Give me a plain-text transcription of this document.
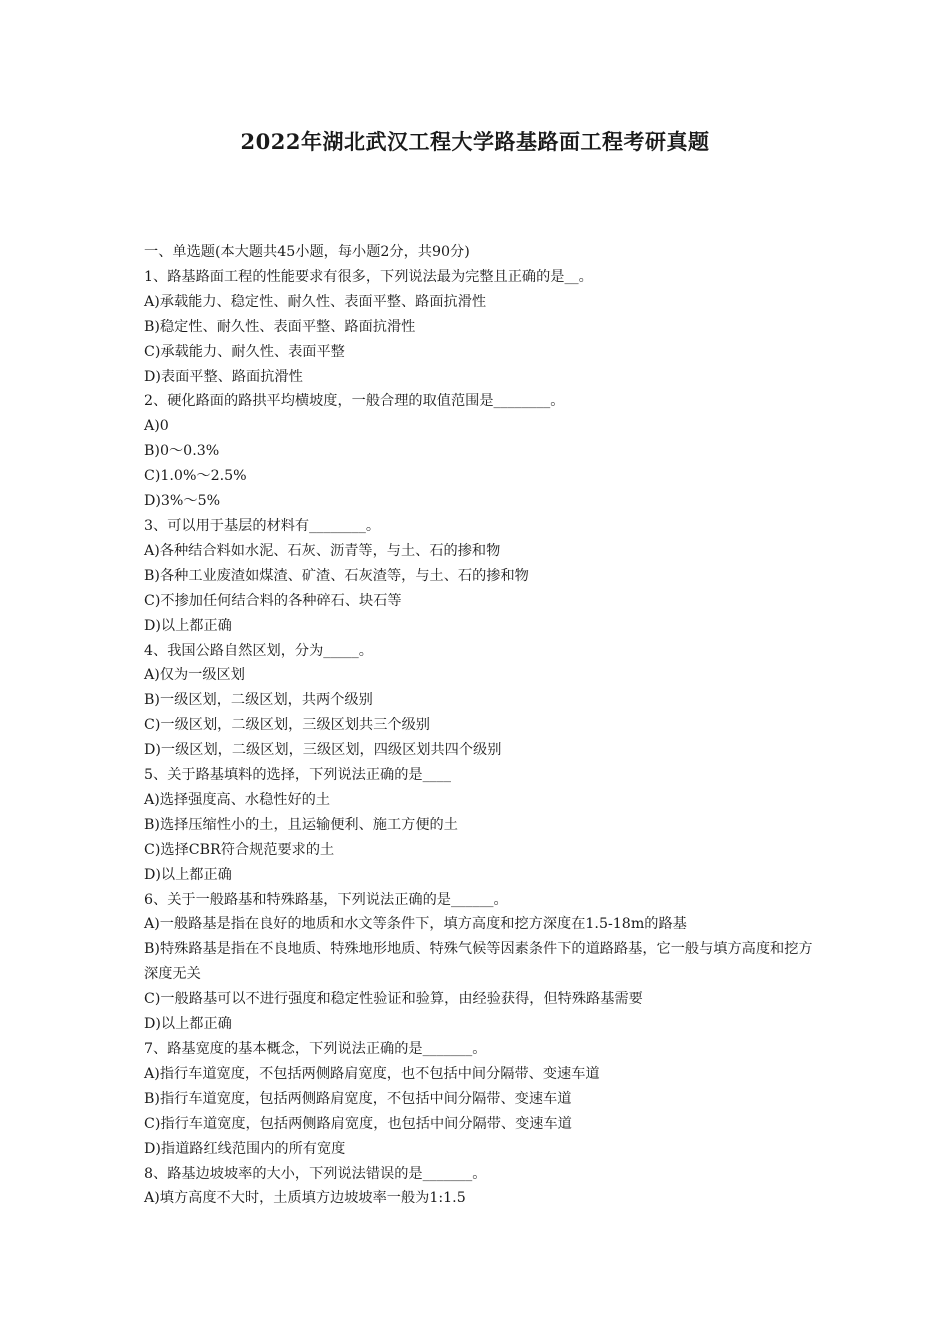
2022年湖北武汉工程大学路基路面工程考研真题
一、单选题(本大题共45小题，每小题2分，共90分)
1、路基路面工程的性能要求有很多，下列说法最为完整且正确的是__。
A)承载能力、稳定性、耐久性、表面平整、路面抗滑性
B)稳定性、耐久性、表面平整、路面抗滑性
C)承载能力、耐久性、表面平整
D)表面平整、路面抗滑性
2、硬化路面的路拱平均横坡度，一般合理的取值范围是________。
A)0
B)0～0.3%
C)1.0%～2.5%
D)3%～5%
3、可以用于基层的材料有________。
A)各种结合料如水泥、石灰、沥青等，与土、石的掺和物
B)各种工业废渣如煤渣、矿渣、石灰渣等，与土、石的掺和物
C)不掺加任何结合料的各种碎石、块石等
D)以上都正确
4、我国公路自然区划，分为_____。
A)仅为一级区划
B)一级区划，二级区划，共两个级别
C)一级区划，二级区划，三级区划共三个级别
D)一级区划，二级区划，三级区划，四级区划共四个级别
5、关于路基填料的选择，下列说法正确的是____
A)选择强度高、水稳性好的土
B)选择压缩性小的土，且运输便利、施工方便的土
C)选择CBR符合规范要求的土
D)以上都正确
6、关于一般路基和特殊路基，下列说法正确的是______。
A)一般路基是指在良好的地质和水文等条件下，填方高度和挖方深度在1.5-18m的路基
B)特殊路基是指在不良地质、特殊地形地质、特殊气候等因素条件下的道路路基，它一般与填方高度和挖方深度无关
C)一般路基可以不进行强度和稳定性验证和验算，由经验获得，但特殊路基需要
D)以上都正确
7、路基宽度的基本概念，下列说法正确的是_______。
A)指行车道宽度，不包括两侧路肩宽度，也不包括中间分隔带、变速车道
B)指行车道宽度，包括两侧路肩宽度，不包括中间分隔带、变速车道
C)指行车道宽度，包括两侧路肩宽度，也包括中间分隔带、变速车道
D)指道路红线范围内的所有宽度
8、路基边坡坡率的大小，下列说法错误的是_______。
A)填方高度不大时，土质填方边坡坡率一般为1:1.5
